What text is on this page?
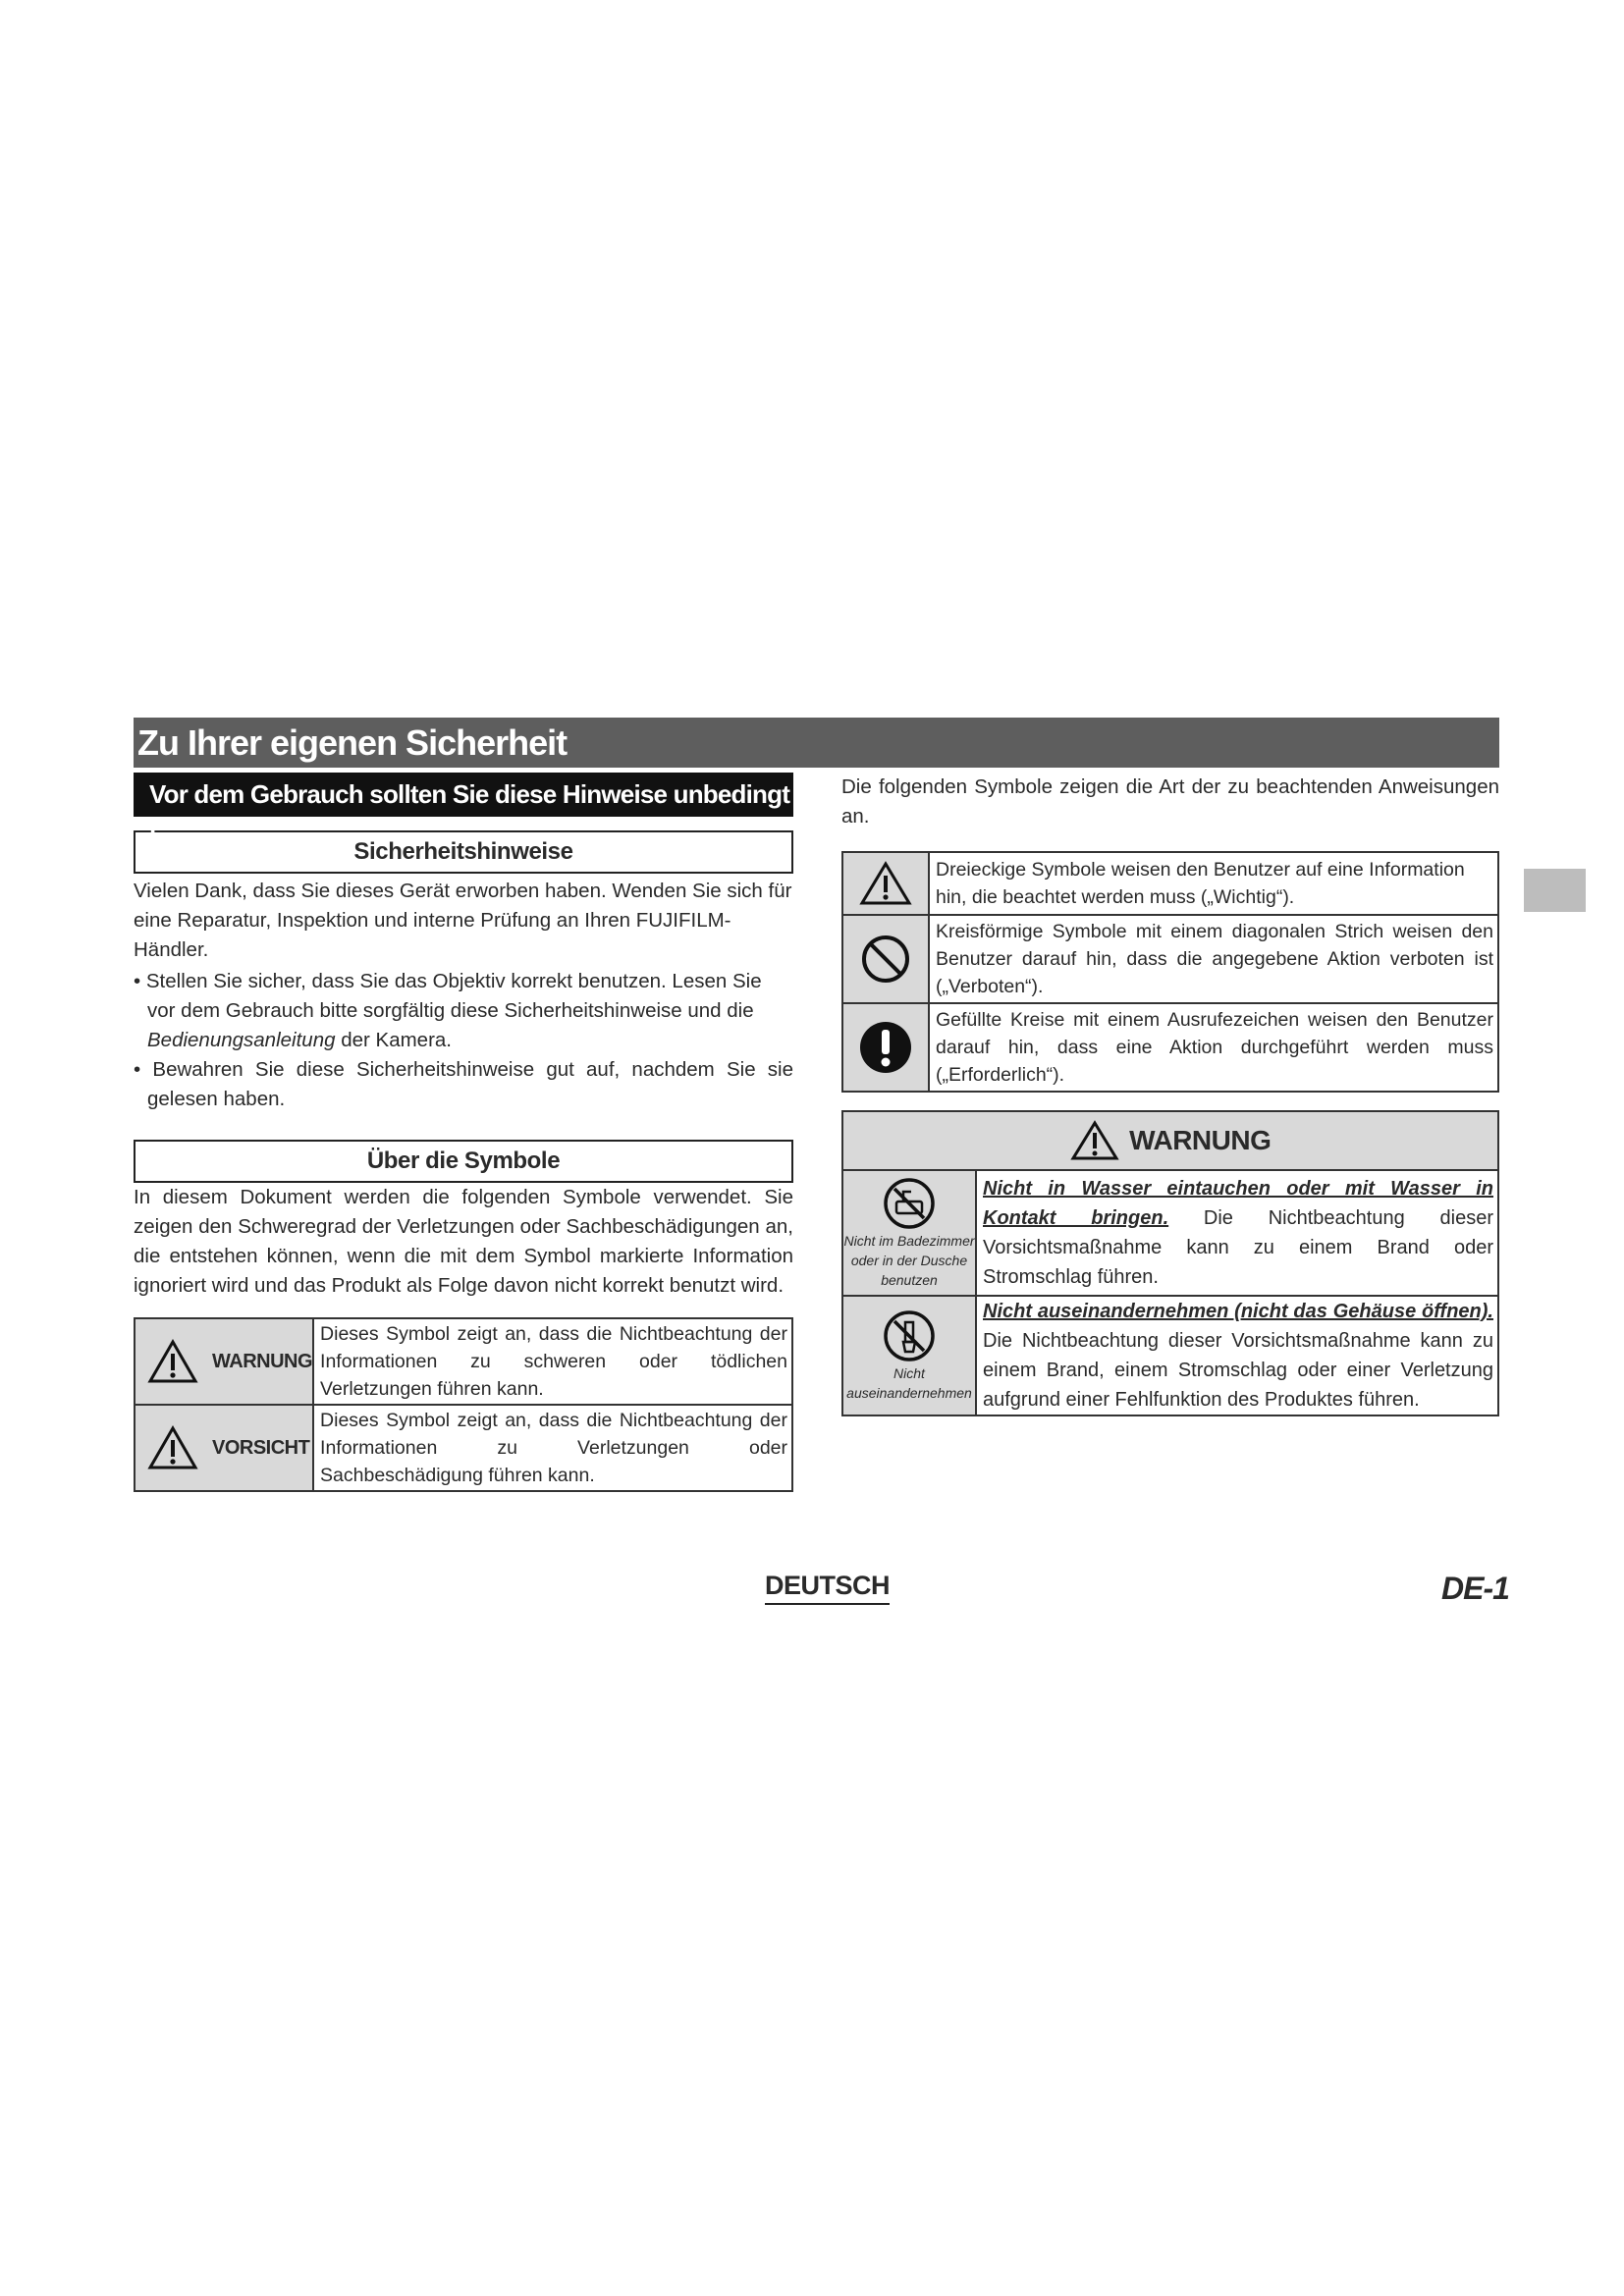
Zu Ihrer eigenen Sicherheit
Vor dem Gebrauch sollten Sie diese Hinweise unbedingt lesen	Sicherheitshinweise

Vielen Dank, dass Sie dieses Gerät erworben haben. Wenden Sie sich für eine Reparatur, Inspektion und interne Prüfung an Ihren FUJIFILM-Händler.

• Stellen Sie sicher, dass Sie das Objektiv korrekt benutzen. Lesen Sie vor dem Gebrauch bitte sorgfältig diese Sicherheitshinweise und die Bedienungsanleitung der Kamera.

• Bewahren Sie diese Sicherheitshinweise gut auf, nachdem Sie sie gelesen haben.

Über die Symbole

In diesem Dokument werden die folgenden Symbole verwendet. Sie zeigen den Schweregrad der Verletzungen oder Sachbeschädigungen an, die entstehen können, wenn die mit dem Symbol markierte Information ignoriert wird und das Produkt als Folge davon nicht korrekt benutzt wird.

WARNUNG	Dieses Symbol zeigt an, dass die Nichtbeachtung der Informationen zu schweren oder tödlichen Verletzungen führen kann.

VORSICHT	Dieses Symbol zeigt an, dass die Nichtbeachtung der Informationen zu Verletzungen oder Sachbeschädigung führen kann.

Die folgenden Symbole zeigen die Art der zu beachtenden Anweisungen an.

Dreieckige Symbole weisen den Benutzer auf eine Information hin, die beachtet werden muss („Wichtig“).

Kreisförmige Symbole mit einem diagonalen Strich weisen den Benutzer darauf hin, dass die angegebene Aktion verboten ist („Verboten“).

Gefüllte Kreise mit einem Ausrufezeichen weisen den Benutzer darauf hin, dass eine Aktion durchgeführt werden muss („Erforderlich“).
WARNUNG	

Nicht im Badezimmer oder in der Dusche benutzen	Nicht in Wasser eintauchen oder mit Wasser in Kontakt bringen. Die Nichtbeachtung dieser Vorsichtsmaßnahme kann zu einem Brand oder Stromschlag führen.

Nicht auseinandernehmen	Nicht auseinandernehmen (nicht das Gehäuse öffnen). Die Nichtbeachtung dieser Vorsichtsmaßnahme kann zu einem Brand, einem Stromschlag oder einer Verletzung aufgrund einer Fehlfunktion des Produktes führen.
DEUTSCH	DE-1
